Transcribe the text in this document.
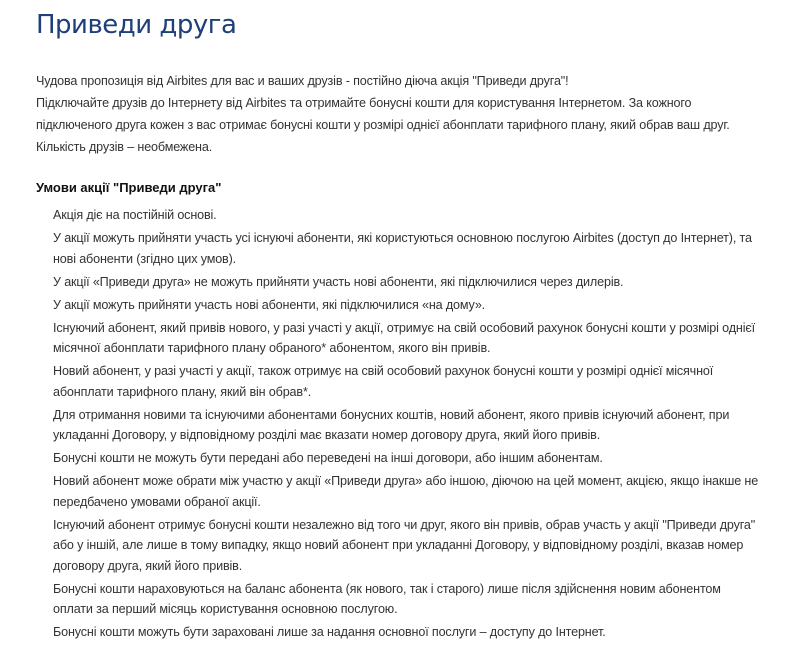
Приведи друга

Чудова пропозиція від Airbites для вас и ваших друзів - постійно діюча акція "Приведи друга"!

Підключайте друзів до Інтернету від Airbites та отримайте бонусні кошти для користування Інтернетом. За кожного підключеного друга кожен з вас отримає бонусні кошти у розмірі однієї абонплати тарифного плану, який обрав ваш друг.

Кількість друзів – необмежена.

Умови акції "Приведи друга"
Акція діє на постійній основі.
У акції можуть прийняти участь усі існуючі абоненти, які користуються основною послугою Airbites (доступ до Інтернет), та нові абоненти (згідно цих умов).
У акції «Приведи друга» не можуть прийняти участь нові абоненти, які підключилися через дилерів.
У акції можуть прийняти участь нові абоненти, які підключилися «на дому».
Існуючий абонент, який привів нового, у разі участі у акції, отримує на свій особовий рахунок бонусні кошти у розмірі однієї місячної абонплати тарифного плану обраного* абонентом, якого він привів.
Новий абонент, у разі участі у акції, також отримує на свій особовий рахунок бонусні кошти у розмірі однієї місячної абонплати тарифного плану, який він обрав*.
Для отримання новими та існуючими абонентами бонусних коштів, новий абонент, якого привів існуючий абонент, при укладанні Договору, у відповідному розділі має вказати номер договору друга, який його привів.
Бонусні кошти не можуть бути передані або переведені на інші договори, або іншим абонентам.
Новий абонент може обрати між участю у акції «Приведи друга» або іншою, діючою на цей момент, акцією, якщо інакше не передбачено умовами обраної акції.
Існуючий абонент отримує бонусні кошти незалежно від того чи друг, якого він привів, обрав участь у акції "Приведи друга" або у іншій, але лише в тому випадку, якщо новий абонент при укладанні Договору, у відповідному розділі, вказав номер договору друга, який його привів.
Бонусні кошти нараховуються на баланс абонента (як нового, так і старого) лише після здійснення новим абонентом оплати за перший місяць користування основною послугою.
Бонусні кошти можуть бути зараховані лише за надання основної послуги – доступу до Інтернет.
